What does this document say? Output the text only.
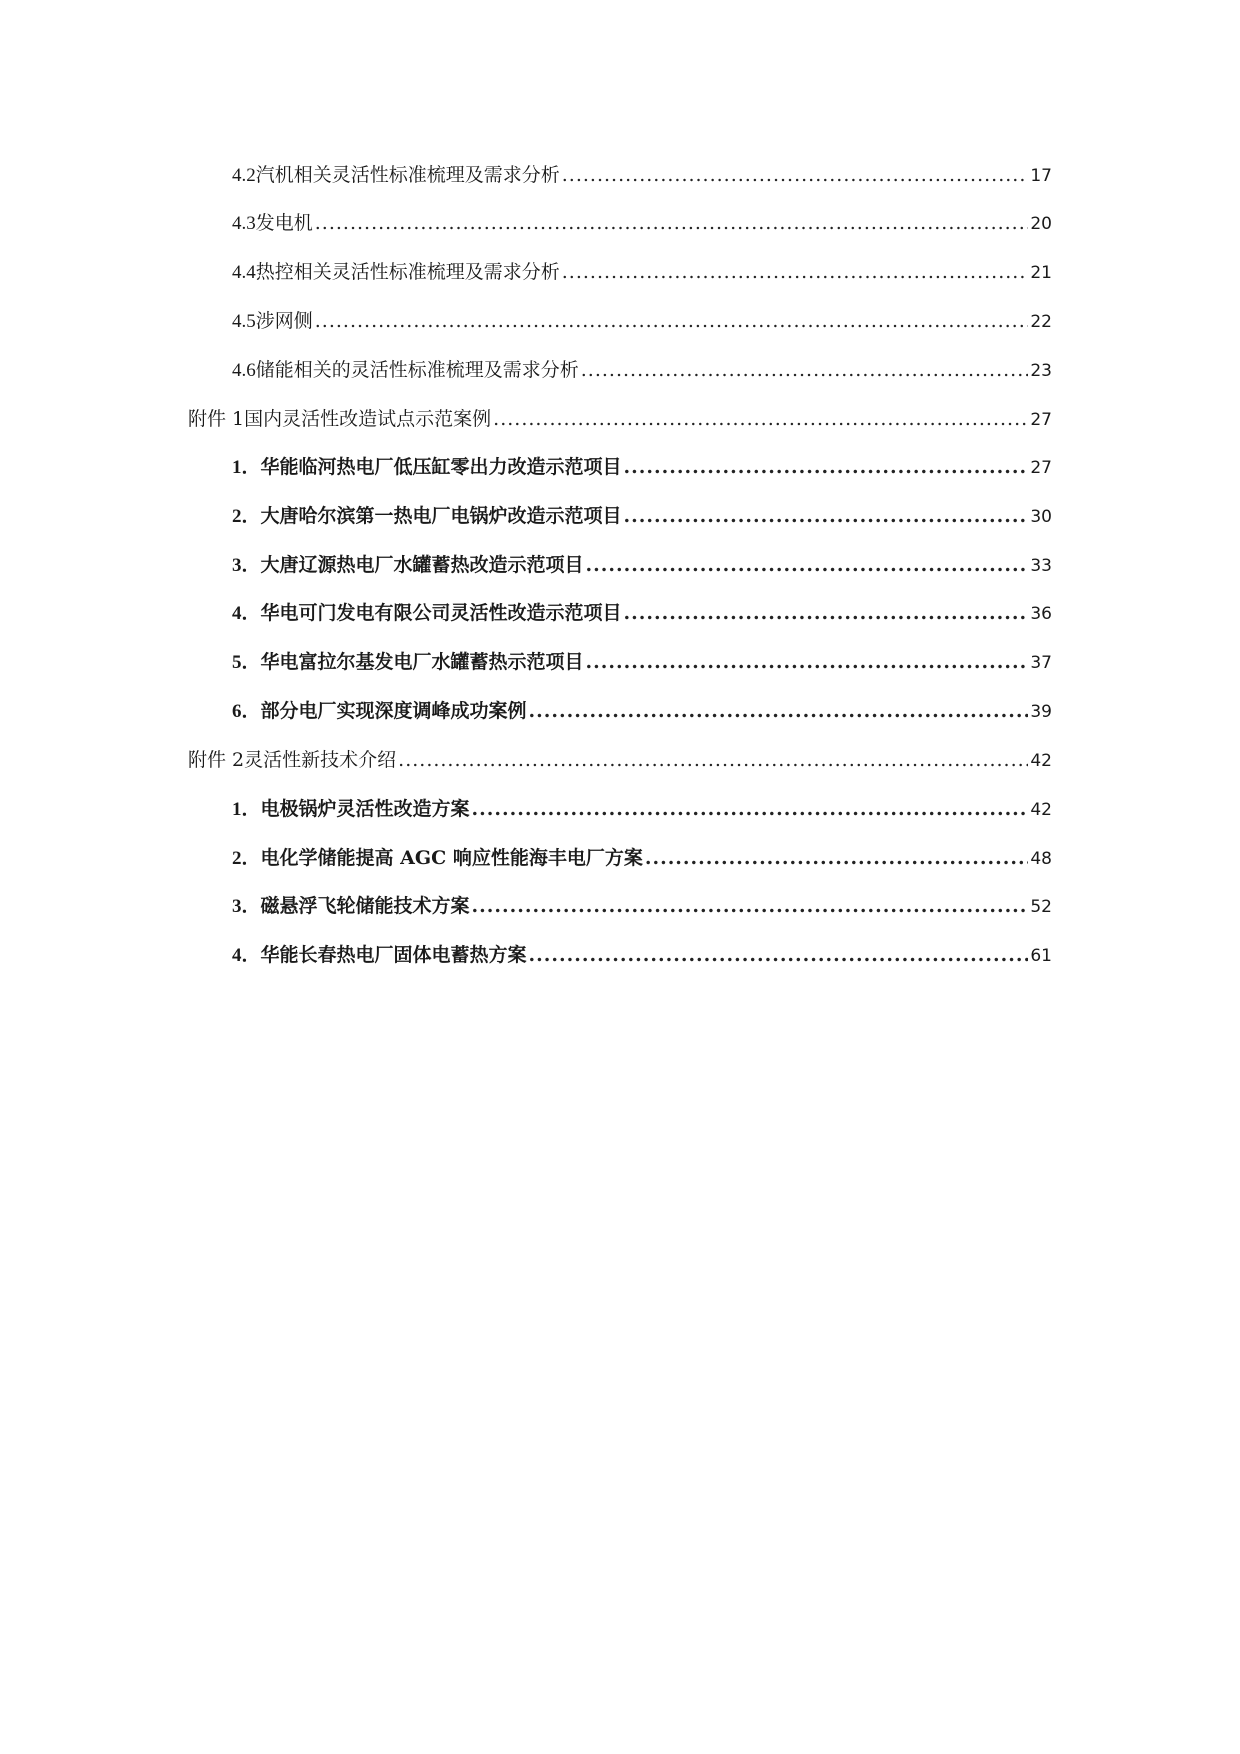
4.2 汽机相关灵活性标准梳理及需求分析 .....	17
4.3 发电机 .....	20
4.4 热控相关灵活性标准梳理及需求分析 .....	21
4.5 涉网侧 .....	22
4.6 储能相关的灵活性标准梳理及需求分析 .....	23
附件 1 国内灵活性改造试点示范案例 .....	27
1． 华能临河热电厂低压缸零出力改造示范项目 .....	27
2． 大唐哈尔滨第一热电厂电锅炉改造示范项目 .....	30
3． 大唐辽源热电厂水罐蓄热改造示范项目 .....	33
4． 华电可门发电有限公司灵活性改造示范项目 .....	36
5． 华电富拉尔基发电厂水罐蓄热示范项目 .....	37
6． 部分电厂实现深度调峰成功案例 .....	39
附件 2 灵活性新技术介绍 .....	42
1． 电极锅炉灵活性改造方案 .....	42
2． 电化学储能提高 AGC 响应性能海丰电厂方案 .....	48
3． 磁悬浮飞轮储能技术方案 .....	52
4． 华能长春热电厂固体电蓄热方案 .....	61
